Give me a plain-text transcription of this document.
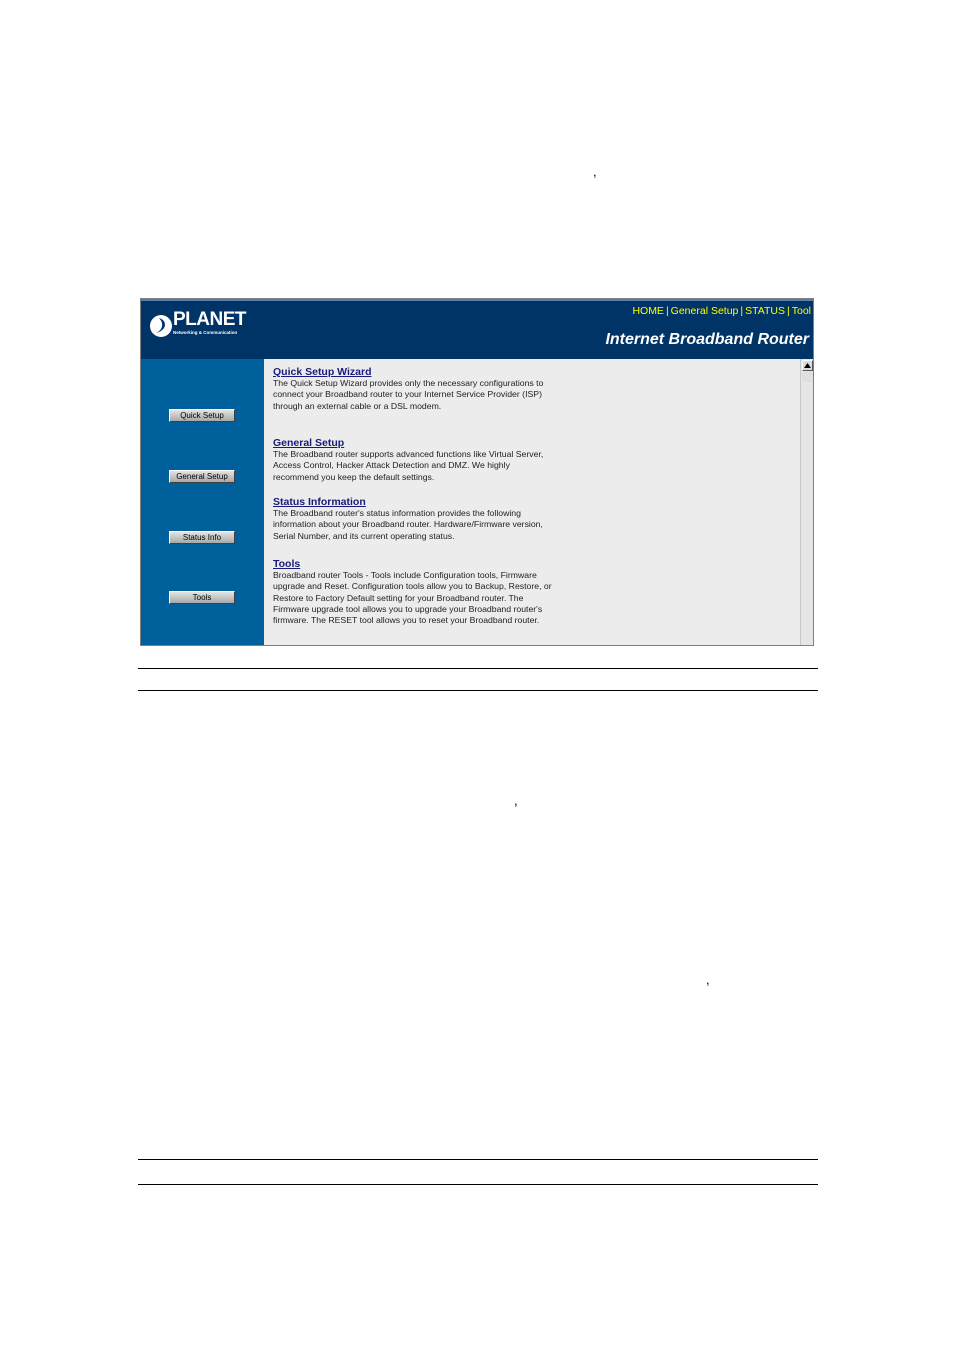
,
,
,
PLANET
Networking & Communication
HOME | General Setup | STATUS | Tool
Internet Broadband Router
Quick Setup
General Setup
Status Info
Tools
Quick Setup Wizard
The Quick Setup Wizard provides only the necessary configurations to connect your Broadband router to your Internet Service Provider (ISP) through an external cable or a DSL modem.
General Setup
The Broadband router supports advanced functions like Virtual Server, Access Control, Hacker Attack Detection and DMZ. We highly recommend you keep the default settings.
Status Information
The Broadband router's status information provides the following information about your Broadband router. Hardware/Firmware version, Serial Number, and its current operating status.
Tools
Broadband router Tools - Tools include Configuration tools, Firmware upgrade and Reset. Configuration tools allow you to Backup, Restore, or Restore to Factory Default setting for your Broadband router. The Firmware upgrade tool allows you to upgrade your Broadband router's firmware. The RESET tool allows you to reset your Broadband router.
